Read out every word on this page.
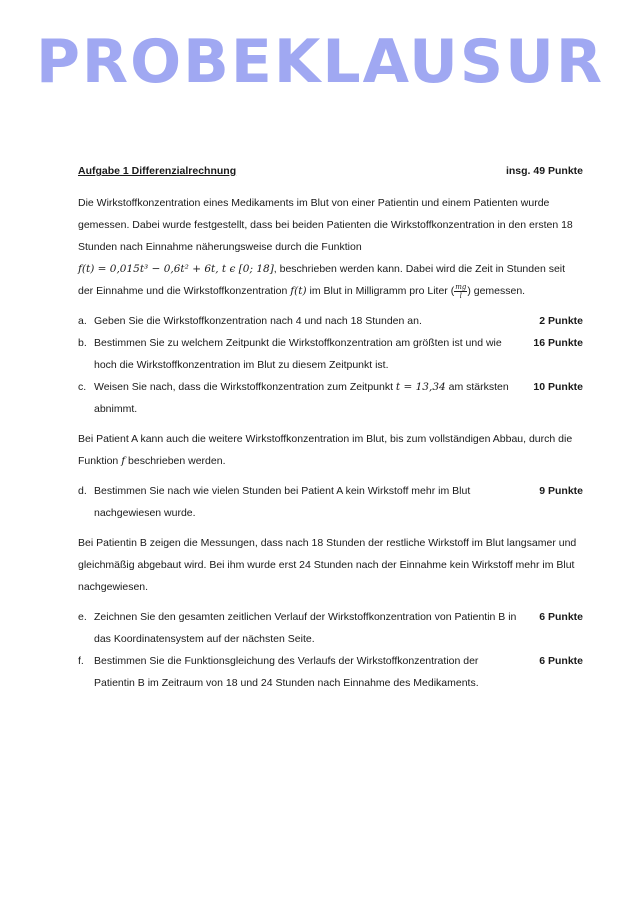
PROBEKLAUSUR
Aufgabe 1 Differenzialrechnung	insg. 49 Punkte

Die Wirkstoffkonzentration eines Medikaments im Blut von einer Patientin und einem Patienten wurde gemessen. Dabei wurde festgestellt, dass bei beiden Patienten die Wirkstoffkonzentration in den ersten 18 Stunden nach Einnahme näherungsweise durch die Funktion
f(t) = 0,015t³ − 0,6t² + 6t, t ϵ [0; 18], beschrieben werden kann. Dabei wird die Zeit in Stunden seit der Einnahme und die Wirkstoffkonzentration f(t) im Blut in Milligramm pro Liter ( $\frac{mg}{l}$ ) gemessen.

a. Geben Sie die Wirkstoffkonzentration nach 4 und nach 18 Stunden an.	2 Punkte
b. Bestimmen Sie zu welchem Zeitpunkt die Wirkstoffkonzentration am größten ist und wie hoch die Wirkstoffkonzentration im Blut zu diesem Zeitpunkt ist.
16 Punkte
c. Weisen Sie nach, dass die Wirkstoffkonzentration zum Zeitpunkt t = 13,34 am stärksten abnimmt.
10 Punkte

Bei Patient A kann auch die weitere Wirkstoffkonzentration im Blut, bis zum vollständigen Abbau, durch die Funktion f beschrieben werden.

d. Bestimmen Sie nach wie vielen Stunden bei Patient A kein Wirkstoff mehr im Blut nachgewiesen wurde.
9 Punkte

Bei Patientin B zeigen die Messungen, dass nach 18 Stunden der restliche Wirkstoff im Blut langsamer und gleichmäßig abgebaut wird. Bei ihm wurde erst 24 Stunden nach der Einnahme kein Wirkstoff mehr im Blut nachgewiesen.

e. Zeichnen Sie den gesamten zeitlichen Verlauf der Wirkstoffkonzentration von Patientin B in das Koordinatensystem auf der nächsten Seite.
6 Punkte
f. Bestimmen Sie die Funktionsgleichung des Verlaufs der Wirkstoffkonzentration der Patientin B im Zeitraum von 18 und 24 Stunden nach Einnahme des Medikaments.
6 Punkte
